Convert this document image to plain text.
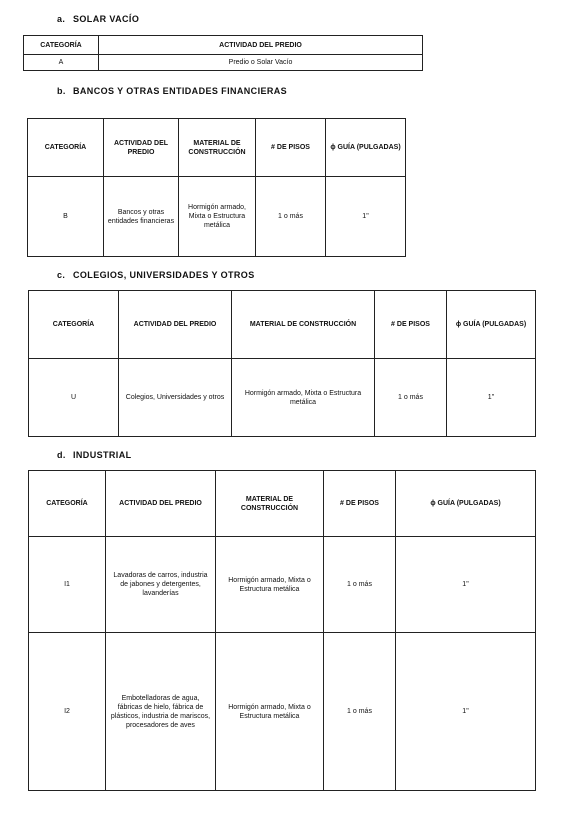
a. SOLAR VACÍO
CATEGORÍA	ACTIVIDAD DEL PREDIO
A	Predio o Solar Vacío
b. BANCOS Y OTRAS ENTIDADES FINANCIERAS
CATEGORÍA	ACTIVIDAD DEL PREDIO	MATERIAL DE CONSTRUCCIÓN	# DE PISOS	ϕ GUÍA (PULGADAS)
B	Bancos y otras entidades financieras	Hormigón armado, Mixta o Estructura metálica	1 o más	1"
c. COLEGIOS, UNIVERSIDADES Y OTROS
CATEGORÍA	ACTIVIDAD DEL PREDIO	MATERIAL DE CONSTRUCCIÓN	# DE PISOS	ϕ GUÍA (PULGADAS)
U	Colegios, Universidades y otros	Hormigón armado, Mixta o Estructura metálica	1 o más	1"
d. INDUSTRIAL
CATEGORÍA	ACTIVIDAD DEL PREDIO	MATERIAL DE CONSTRUCCIÓN	# DE PISOS	ϕ GUÍA (PULGADAS)
I1	Lavadoras de carros, industria de jabones y detergentes, lavanderías	Hormigón armado, Mixta o Estructura metálica	1 o más	1"
I2	Embotelladoras de agua, fábricas de hielo, fábrica de plásticos, industria de mariscos, procesadores de aves	Hormigón armado, Mixta o Estructura metálica	1 o más	1"
